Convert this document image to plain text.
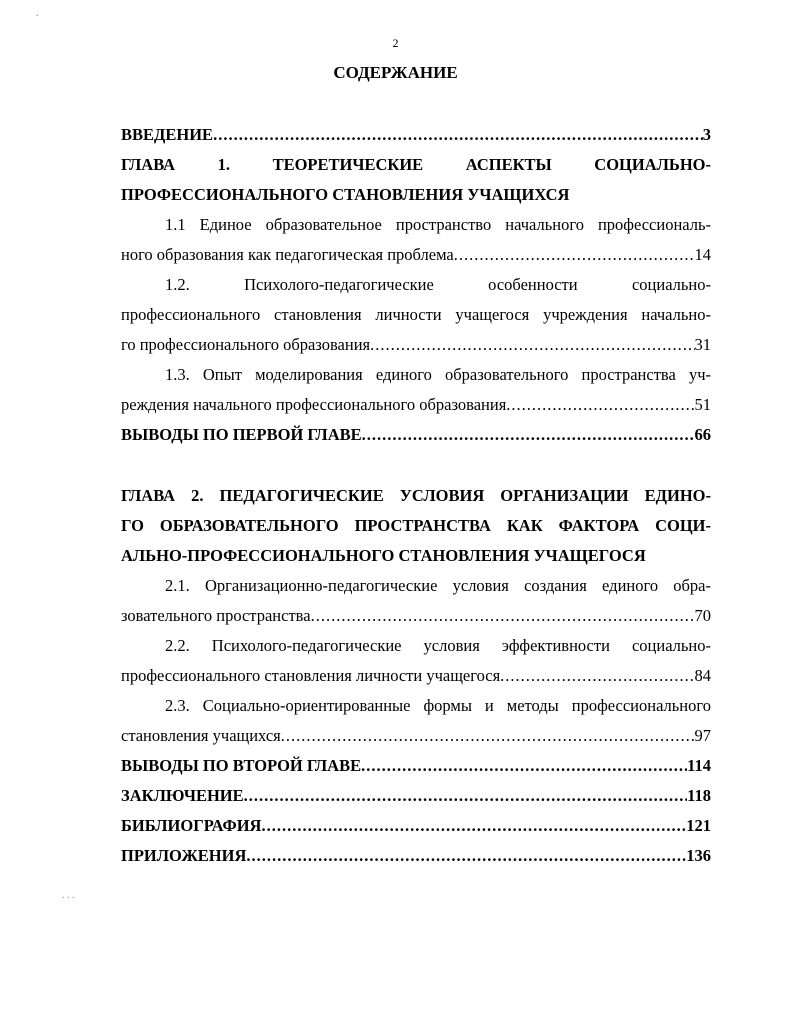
2
СОДЕРЖАНИЕ
.
. . .
ВВЕДЕНИЕ .....	3
ГЛАВА 1. ТЕОРЕТИЧЕСКИЕ АСПЕКТЫ СОЦИАЛЬНО-
ПРОФЕССИОНАЛЬНОГО СТАНОВЛЕНИЯ УЧАЩИХСЯ
1.1 Единое образовательное пространство начального профессиональ-
ного образования как педагогическая проблема .....	14
1.2. Психолого-педагогические особенности социально-
профессионального становления личности учащегося учреждения начально-
го профессионального образования .....	31
1.3. Опыт моделирования единого образовательного пространства уч-
реждения начального профессионального образования .....	51
ВЫВОДЫ ПО ПЕРВОЙ ГЛАВЕ .....	66
ГЛАВА 2. ПЕДАГОГИЧЕСКИЕ УСЛОВИЯ ОРГАНИЗАЦИИ ЕДИНО-
ГО ОБРАЗОВАТЕЛЬНОГО ПРОСТРАНСТВА КАК ФАКТОРА СОЦИ-
АЛЬНО-ПРОФЕССИОНАЛЬНОГО СТАНОВЛЕНИЯ УЧАЩЕГОСЯ
2.1. Организационно-педагогические условия создания единого обра-
зовательного пространства .....	70
2.2. Психолого-педагогические условия эффективности социально-
профессионального становления личности учащегося .....	84
2.3. Социально-ориентированные формы и методы профессионального
становления учащихся .....	97
ВЫВОДЫ ПО ВТОРОЙ ГЛАВЕ .....	114
ЗАКЛЮЧЕНИЕ .....	118
БИБЛИОГРАФИЯ .....	121
ПРИЛОЖЕНИЯ .....	136
